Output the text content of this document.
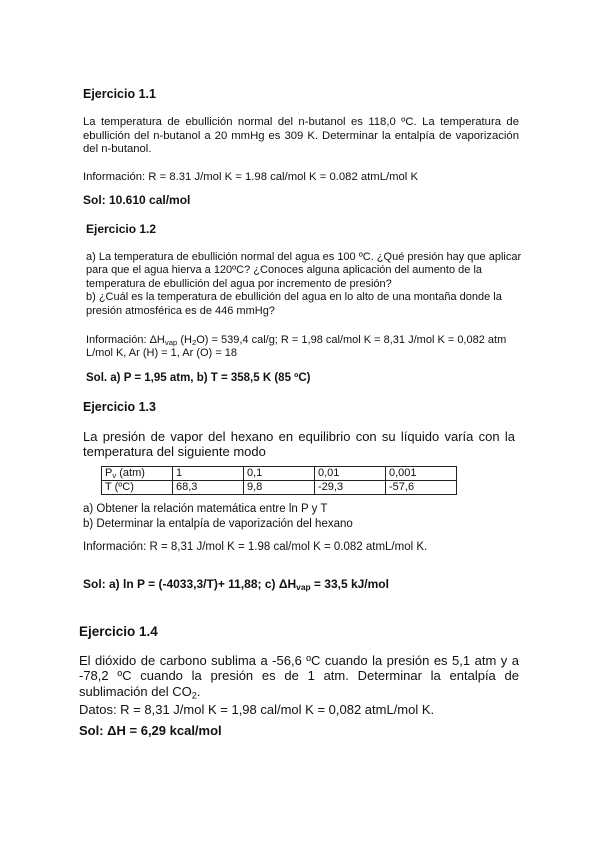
Ejercicio 1.1
La temperatura de ebullición normal del n-butanol es 118,0 ºC. La temperatura de ebullición del n-butanol a 20 mmHg es 309 K. Determinar la entalpía de vaporización del n-butanol.
Información: R = 8.31 J/mol K = 1.98 cal/mol K = 0.082 atmL/mol K
Sol: 10.610 cal/mol
Ejercicio 1.2
a) La temperatura de ebullición normal del agua es 100 ºC. ¿Qué presión hay que aplicar para que el agua hierva a 120ºC? ¿Conoces alguna aplicación del aumento de la temperatura de ebullición del agua por incremento de presión?
b) ¿Cuál es la temperatura de ebullición del agua en lo alto de una montaña donde la presión atmosférica es de 446 mmHg?
Información: $\Delta H_{vap}$ $(H_2O) = 539,4$ cal/g; R = 1,98 cal/mol K = 8,31 J/mol K = 0,082 atm L/mol K, Ar (H) = 1, Ar (O) = 18
Sol. a) P = 1,95 atm, b) T = 358,5 K (85 ºC)
Ejercicio 1.3
La presión de vapor del hexano en equilibrio con su líquido varía con la temperatura del siguiente modo
$P_v$ (atm)	1	0,1	0,01	0,001
T (ºC)	68,3	9,8	-29,3	-57,6
a) Obtener la relación matemática entre ln P y T
b) Determinar la entalpía de vaporización del hexano
Información: R = 8,31 J/mol K = 1.98 cal/mol K = 0.082 atmL/mol K.
Sol: a) ln P = (-4033,3/T)+ 11,88; c) $\Delta H_{vap} = 33,5$ kJ/mol
Ejercicio 1.4
El dióxido de carbono sublima a -56,6 ºC cuando la presión es 5,1 atm y a -78,2 ºC cuando la presión es de 1 atm. Determinar la entalpía de sublimación del $CO_2$.
Datos: R = 8,31 J/mol K = 1,98 cal/mol K = 0,082 atmL/mol K.
Sol: ΔH = 6,29 kcal/mol
